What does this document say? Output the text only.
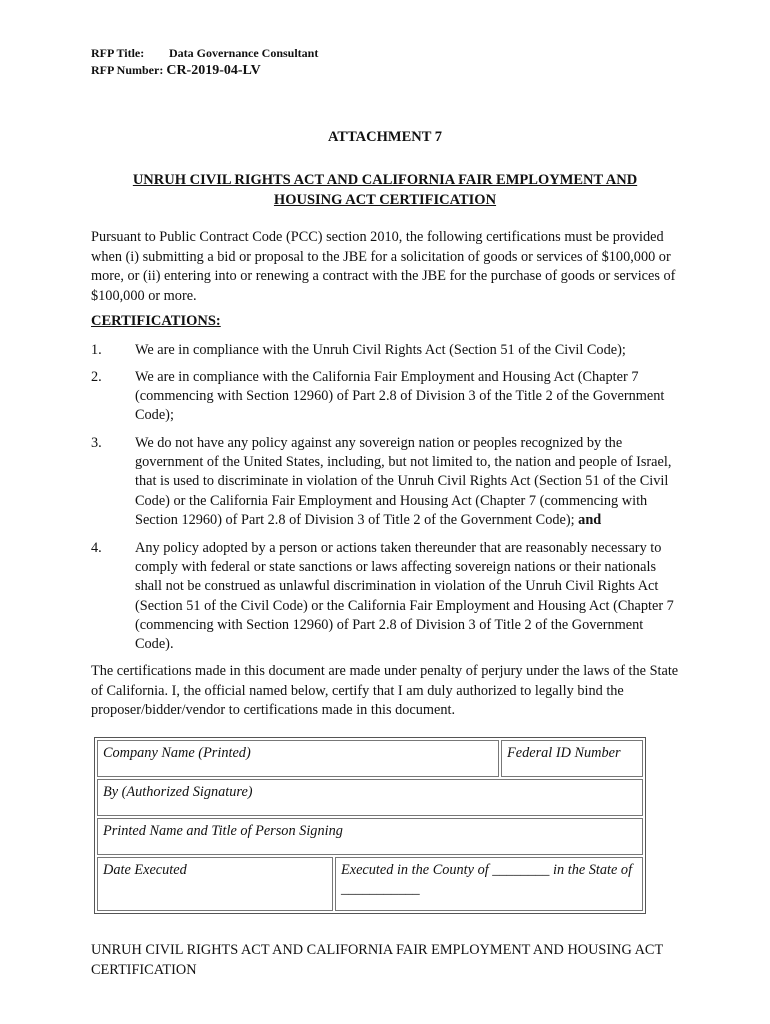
RFP Title: Data Governance Consultant
RFP Number: CR-2019-04-LV
ATTACHMENT 7
UNRUH CIVIL RIGHTS ACT AND CALIFORNIA FAIR EMPLOYMENT AND HOUSING ACT CERTIFICATION
Pursuant to Public Contract Code (PCC) section 2010, the following certifications must be provided when (i) submitting a bid or proposal to the JBE for a solicitation of goods or services of $100,000 or more, or (ii) entering into or renewing a contract with the JBE for the purchase of goods or services of $100,000 or more.
CERTIFICATIONS:
1. We are in compliance with the Unruh Civil Rights Act (Section 51 of the Civil Code);
2. We are in compliance with the California Fair Employment and Housing Act (Chapter 7 (commencing with Section 12960) of Part 2.8 of Division 3 of the Title 2 of the Government Code);
3. We do not have any policy against any sovereign nation or peoples recognized by the government of the United States, including, but not limited to, the nation and people of Israel, that is used to discriminate in violation of the Unruh Civil Rights Act (Section 51 of the Civil Code) or the California Fair Employment and Housing Act (Chapter 7 (commencing with Section 12960) of Part 2.8 of Division 3 of Title 2 of the Government Code); and
4. Any policy adopted by a person or actions taken thereunder that are reasonably necessary to comply with federal or state sanctions or laws affecting sovereign nations or their nationals shall not be construed as unlawful discrimination in violation of the Unruh Civil Rights Act (Section 51 of the Civil Code) or the California Fair Employment and Housing Act (Chapter 7 (commencing with Section 12960) of Part 2.8 of Division 3 of Title 2 of the Government Code).
The certifications made in this document are made under penalty of perjury under the laws of the State of California. I, the official named below, certify that I am duly authorized to legally bind the proposer/bidder/vendor to certifications made in this document.
Company Name (Printed)	Federal ID Number
By (Authorized Signature)
Printed Name and Title of Person Signing
Date Executed	Executed in the County of ________ in the State of ___________
UNRUH CIVIL RIGHTS ACT AND CALIFORNIA FAIR EMPLOYMENT AND HOUSING ACT CERTIFICATION
